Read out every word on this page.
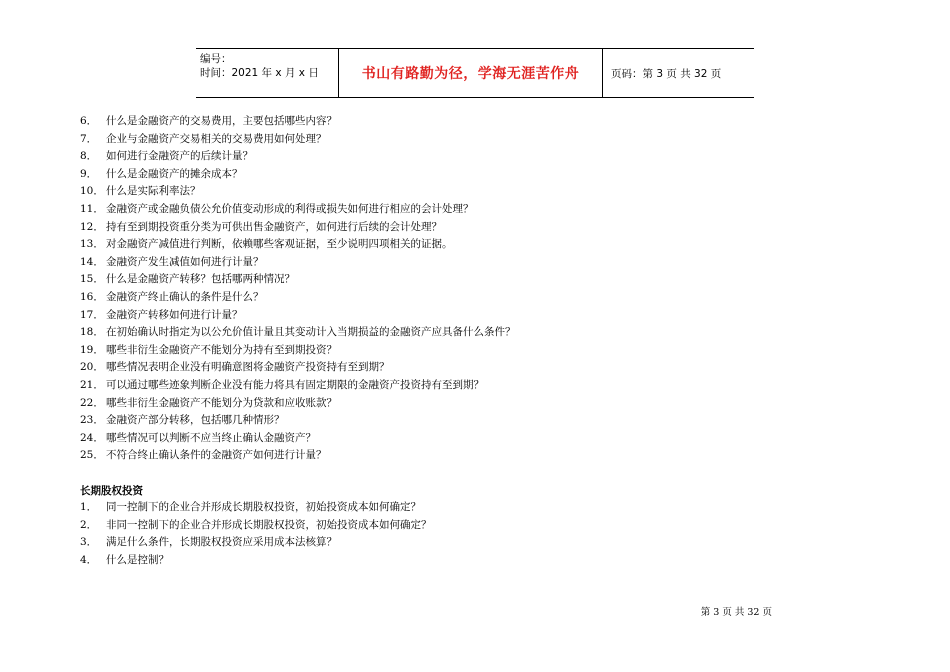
编号：
时间：2021 年 x 月 x 日	书山有路勤为径，学海无涯苦作舟	页码：第 3 页 共 32 页
6． 什么是金融资产的交易费用，主要包括哪些内容？
7． 企业与金融资产交易相关的交易费用如何处理？
8． 如何进行金融资产的后续计量？
9． 什么是金融资产的摊余成本？
10． 什么是实际利率法？
11． 金融资产或金融负债公允价值变动形成的利得或损失如何进行相应的会计处理？
12． 持有至到期投资重分类为可供出售金融资产，如何进行后续的会计处理？
13． 对金融资产减值进行判断，依赖哪些客观证据，至少说明四项相关的证据。
14． 金融资产发生减值如何进行计量？
15． 什么是金融资产转移？包括哪两种情况？
16． 金融资产终止确认的条件是什么？
17． 金融资产转移如何进行计量？
18． 在初始确认时指定为以公允价值计量且其变动计入当期损益的金融资产应具备什么条件？
19． 哪些非衍生金融资产不能划分为持有至到期投资？
20． 哪些情况表明企业没有明确意图将金融资产投资持有至到期？
21． 可以通过哪些迹象判断企业没有能力将具有固定期限的金融资产投资持有至到期？
22． 哪些非衍生金融资产不能划分为贷款和应收账款？
23． 金融资产部分转移，包括哪几种情形？
24． 哪些情况可以判断不应当终止确认金融资产？
25． 不符合终止确认条件的金融资产如何进行计量？
长期股权投资
1． 同一控制下的企业合并形成长期股权投资，初始投资成本如何确定？
2． 非同一控制下的企业合并形成长期股权投资，初始投资成本如何确定？
3． 满足什么条件，长期股权投资应采用成本法核算？
4． 什么是控制？
第 3 页 共 32 页
